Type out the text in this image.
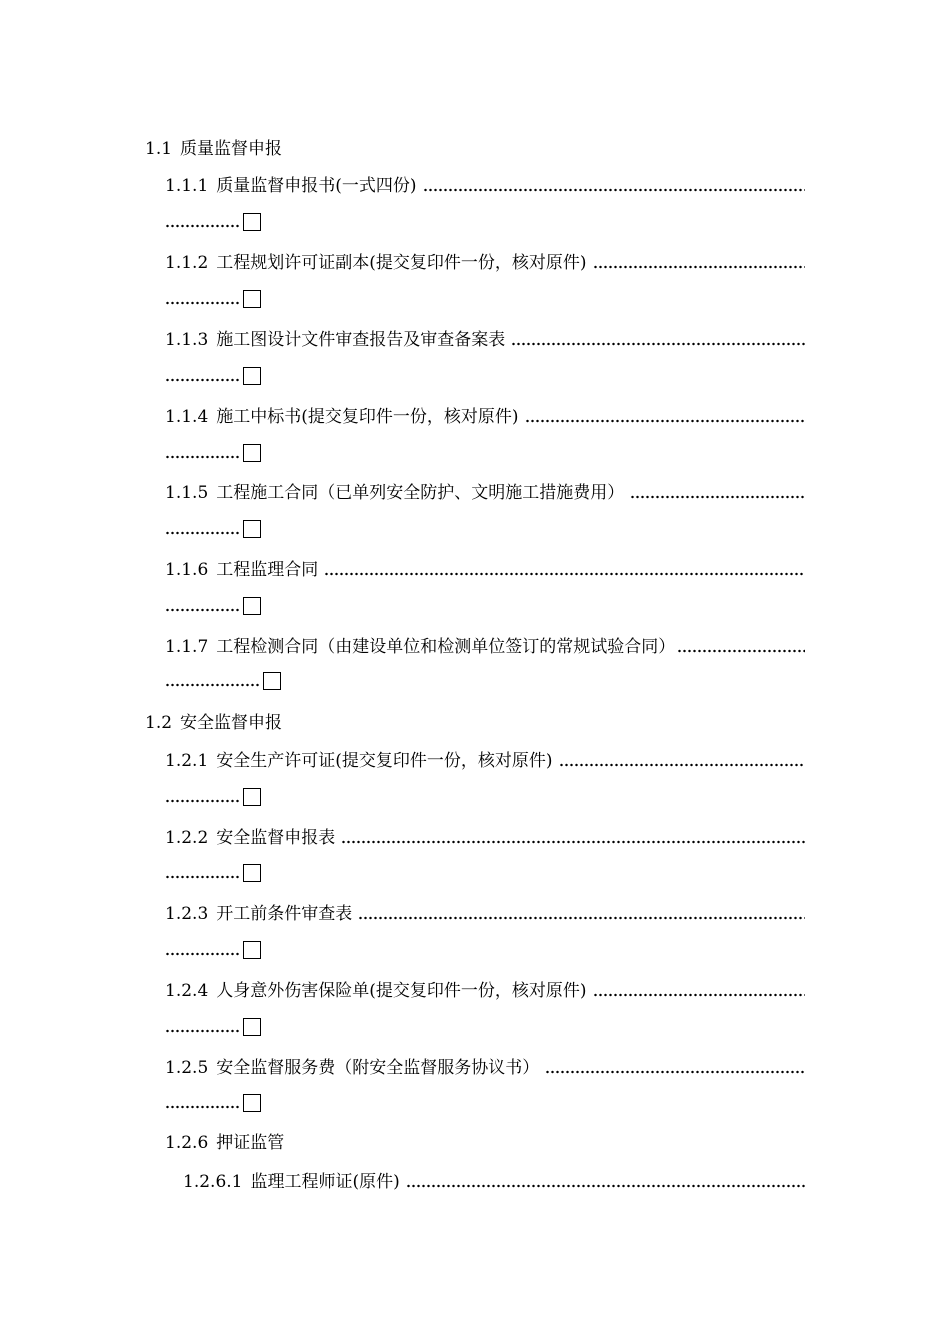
1.1 质量监督申报
1.1.1 质量监督申报书(一式四份)
1.1.2 工程规划许可证副本(提交复印件一份，核对原件)
1.1.3 施工图设计文件审查报告及审查备案表
1.1.4 施工中标书(提交复印件一份，核对原件)
1.1.5 工程施工合同（已单列安全防护、文明施工措施费用）
1.1.6 工程监理合同
1.1.7 工程检测合同（由建设单位和检测单位签订的常规试验合同）
1.2 安全监督申报
1.2.1 安全生产许可证(提交复印件一份，核对原件)
1.2.2 安全监督申报表
1.2.3 开工前条件审查表
1.2.4 人身意外伤害保险单(提交复印件一份，核对原件)
1.2.5 安全监督服务费（附安全监督服务协议书）
1.2.6 押证监管
1.2.6.1 监理工程师证(原件)
